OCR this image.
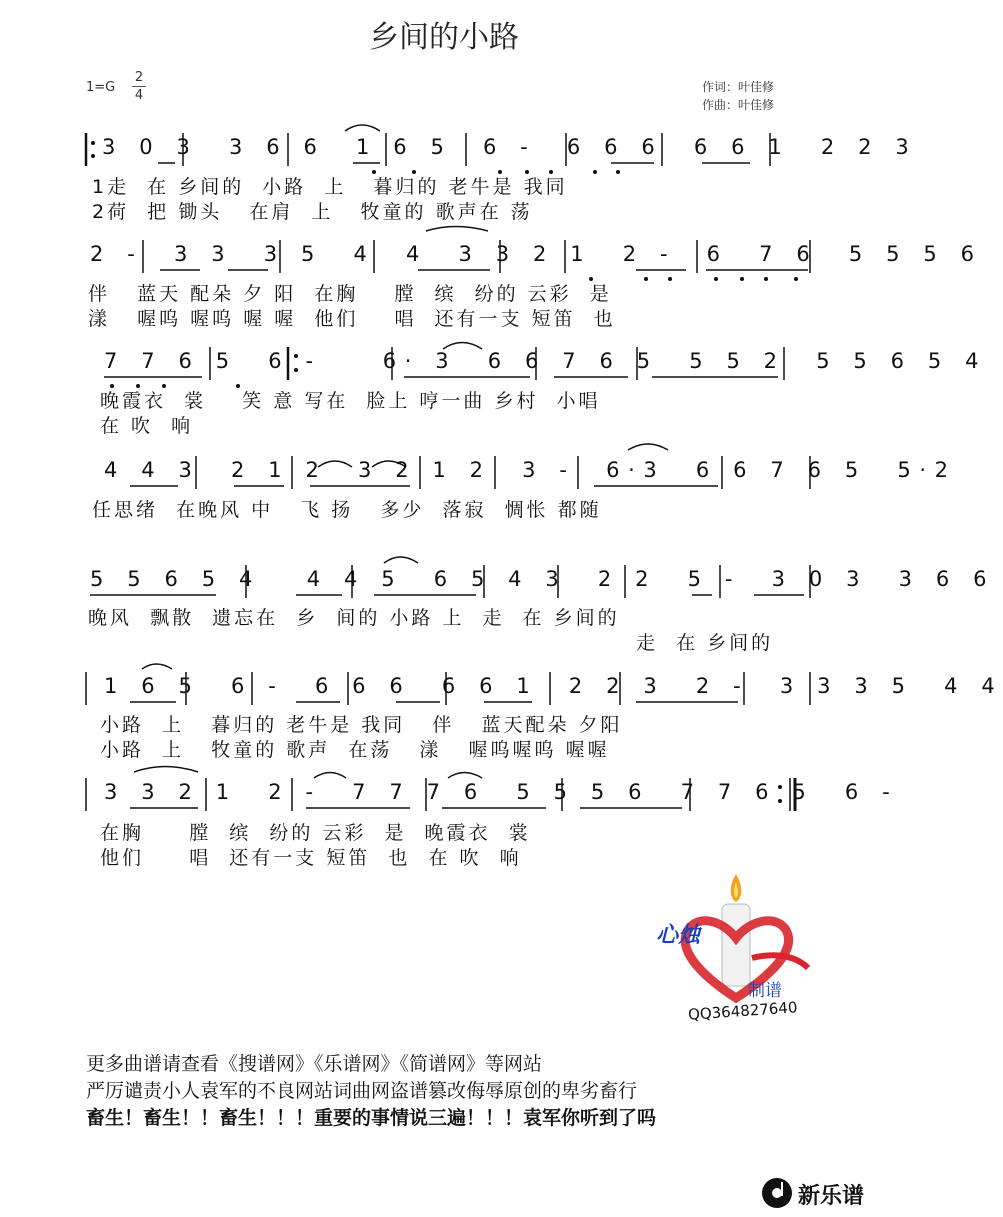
乡间的小路
1=G
2
4
作词：叶佳修
作曲：叶佳修
3 0 3  3 6 6  1 6 5  6 -  6 6 6  6 6 1  2 2 3
1走  在 乡间的  小路  上   暮归的 老牛是 我同
2荷  把 锄头   在肩  上   牧童的 歌声在 荡
2 -  3 3  3 5  4  4  3 3 2 1  2 -  6  7 6  5 5 5 6
伴   蓝天 配朵 夕 阳  在胸    膛  缤  纷的 云彩  是
漾   喔呜 喔呜 喔 喔  他们    唱  还有一支 短笛  也
7 7 6 5  6 -    6· 3  6 6 7 6 5  5 5 2  5 5 6 5 4
晚霞衣  裳    笑 意 写在  脸上 哼一曲 乡村  小唱
在 吹  响
4 4 3  2 1 2  3 2 1 2  3 -  6·3  6 6 7 6 5  5·2
任思绪  在晚风 中   飞 扬   多少  落寂  惆怅 都随
5 5 6 5 4   4 4 5  6 5 4 3  2 2  5 -  3 0 3  3 6 6
晚风  飘散  遗忘在  乡  间的 小路 上  走  在 乡间的
走  在 乡间的
1 6 5  6 -  6 6 6  6 6 1  2 2 3  2 -  3 3 3 5  4 4
小路  上   暮归的 老牛是 我同   伴   蓝天配朵 夕阳
小路  上   牧童的 歌声  在荡   漾   喔呜喔呜 喔喔
3 3 2 1  2 -  7 7 7 6  5 5 5 6  7 7 6 5  6 -
在胸     膛  缤  纷的 云彩  是  晚霞衣  裳
他们     唱  还有一支 短笛  也  在 吹  响
心烛
制谱
QQ364827640
更多曲谱请查看《搜谱网》《乐谱网》《简谱网》等网站
严厉谴责小人袁军的不良网站词曲网盗谱篡改侮辱原创的卑劣畜行
畜生！畜生！！畜生！！！重要的事情说三遍！！！袁军你听到了吗
新乐谱
